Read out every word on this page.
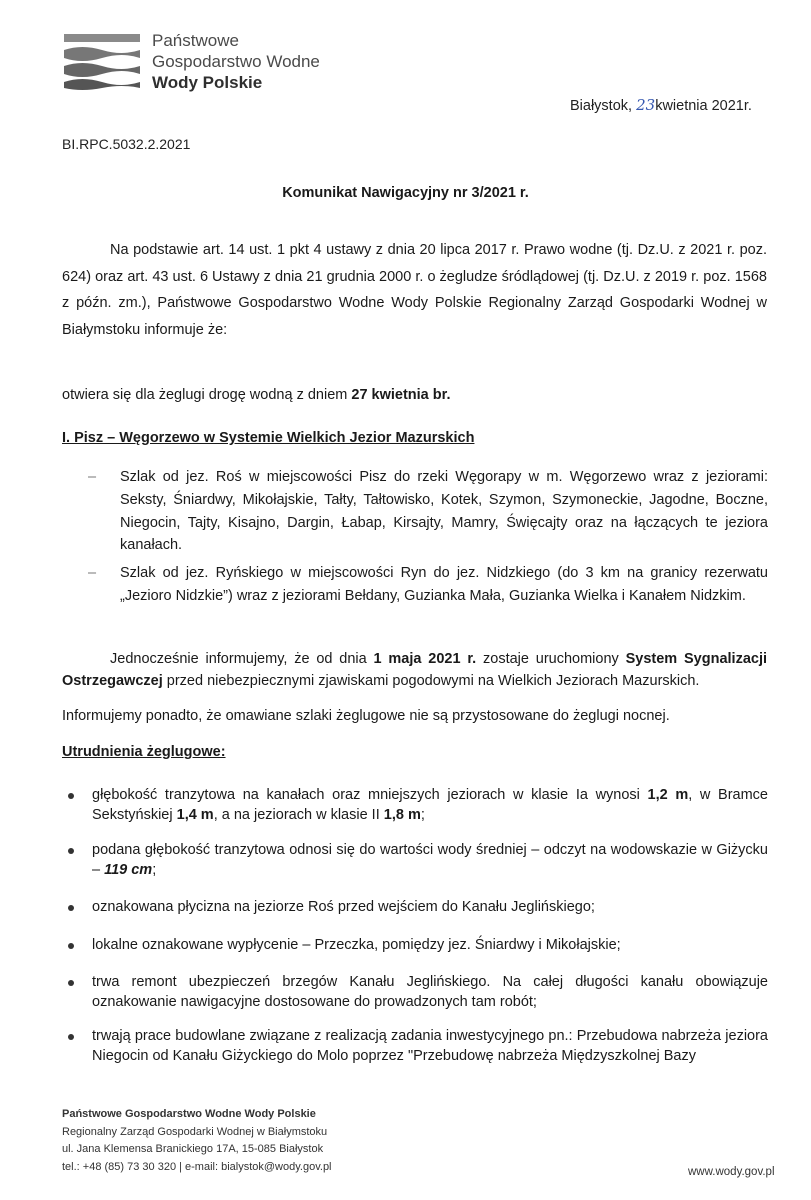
Państwowe
Gospodarstwo Wodne
Wody Polskie
Białystok, 23kwietnia 2021r.
BI.RPC.5032.2.2021
Komunikat Nawigacyjny nr 3/2021 r.
Na podstawie art. 14 ust. 1 pkt 4 ustawy z dnia 20 lipca 2017 r. Prawo wodne (tj. Dz.U. z 2021 r. poz. 624) oraz art. 43 ust. 6 Ustawy z dnia 21 grudnia 2000 r. o żegludze śródlądowej (tj. Dz.U. z 2019 r. poz. 1568 z późn. zm.), Państwowe Gospodarstwo Wodne Wody Polskie Regionalny Zarząd Gospodarki Wodnej w Białymstoku informuje że:
otwiera się dla żeglugi drogę wodną z dniem 27 kwietnia br.
I. Pisz – Węgorzewo w Systemie Wielkich Jezior Mazurskich
– Szlak od jez. Roś w miejscowości Pisz do rzeki Węgorapy w m. Węgorzewo wraz z jeziorami: Seksty, Śniardwy, Mikołajskie, Tałty, Tałtowisko, Kotek, Szymon, Szymoneckie, Jagodne, Boczne, Niegocin, Tajty, Kisajno, Dargin, Łabap, Kirsajty, Mamry, Święcajty oraz na łączących te jeziora kanałach.
– Szlak od jez. Ryńskiego w miejscowości Ryn do jez. Nidzkiego (do 3 km na granicy rezerwatu „Jezioro Nidzkie”) wraz z jeziorami Bełdany, Guzianka Mała, Guzianka Wielka i Kanałem Nidzkim.
Jednocześnie informujemy, że od dnia 1 maja 2021 r. zostaje uruchomiony System Sygnalizacji Ostrzegawczej przed niebezpiecznymi zjawiskami pogodowymi na Wielkich Jeziorach Mazurskich.
Informujemy ponadto, że omawiane szlaki żeglugowe nie są przystosowane do żeglugi nocnej.
Utrudnienia żeglugowe:
głębokość tranzytowa na kanałach oraz mniejszych jeziorach w klasie Ia wynosi 1,2 m, w Bramce Sekstyńskiej 1,4 m, a na jeziorach w klasie II 1,8 m;
podana głębokość tranzytowa odnosi się do wartości wody średniej – odczyt na wodowskazie w Giżycku – 119 cm;
oznakowana płycizna na jeziorze Roś przed wejściem do Kanału Jeglińskiego;
lokalne oznakowane wypłycenie – Przeczka, pomiędzy jez. Śniardwy i Mikołajskie;
trwa remont ubezpieczeń brzegów Kanału Jeglińskiego. Na całej długości kanału obowiązuje oznakowanie nawigacyjne dostosowane do prowadzonych tam robót;
trwają prace budowlane związane z realizacją zadania inwestycyjnego pn.: Przebudowa nabrzeża jeziora Niegocin od Kanału Giżyckiego do Molo poprzez "Przebudowę nabrzeża Międzyszkolnej Bazy
Państwowe Gospodarstwo Wodne Wody Polskie
Regionalny Zarząd Gospodarki Wodnej w Białymstoku
ul. Jana Klemensa Branickiego 17A, 15-085 Białystok
tel.: +48 (85) 73 30 320 | e-mail: bialystok@wody.gov.pl	www.wody.gov.pl
